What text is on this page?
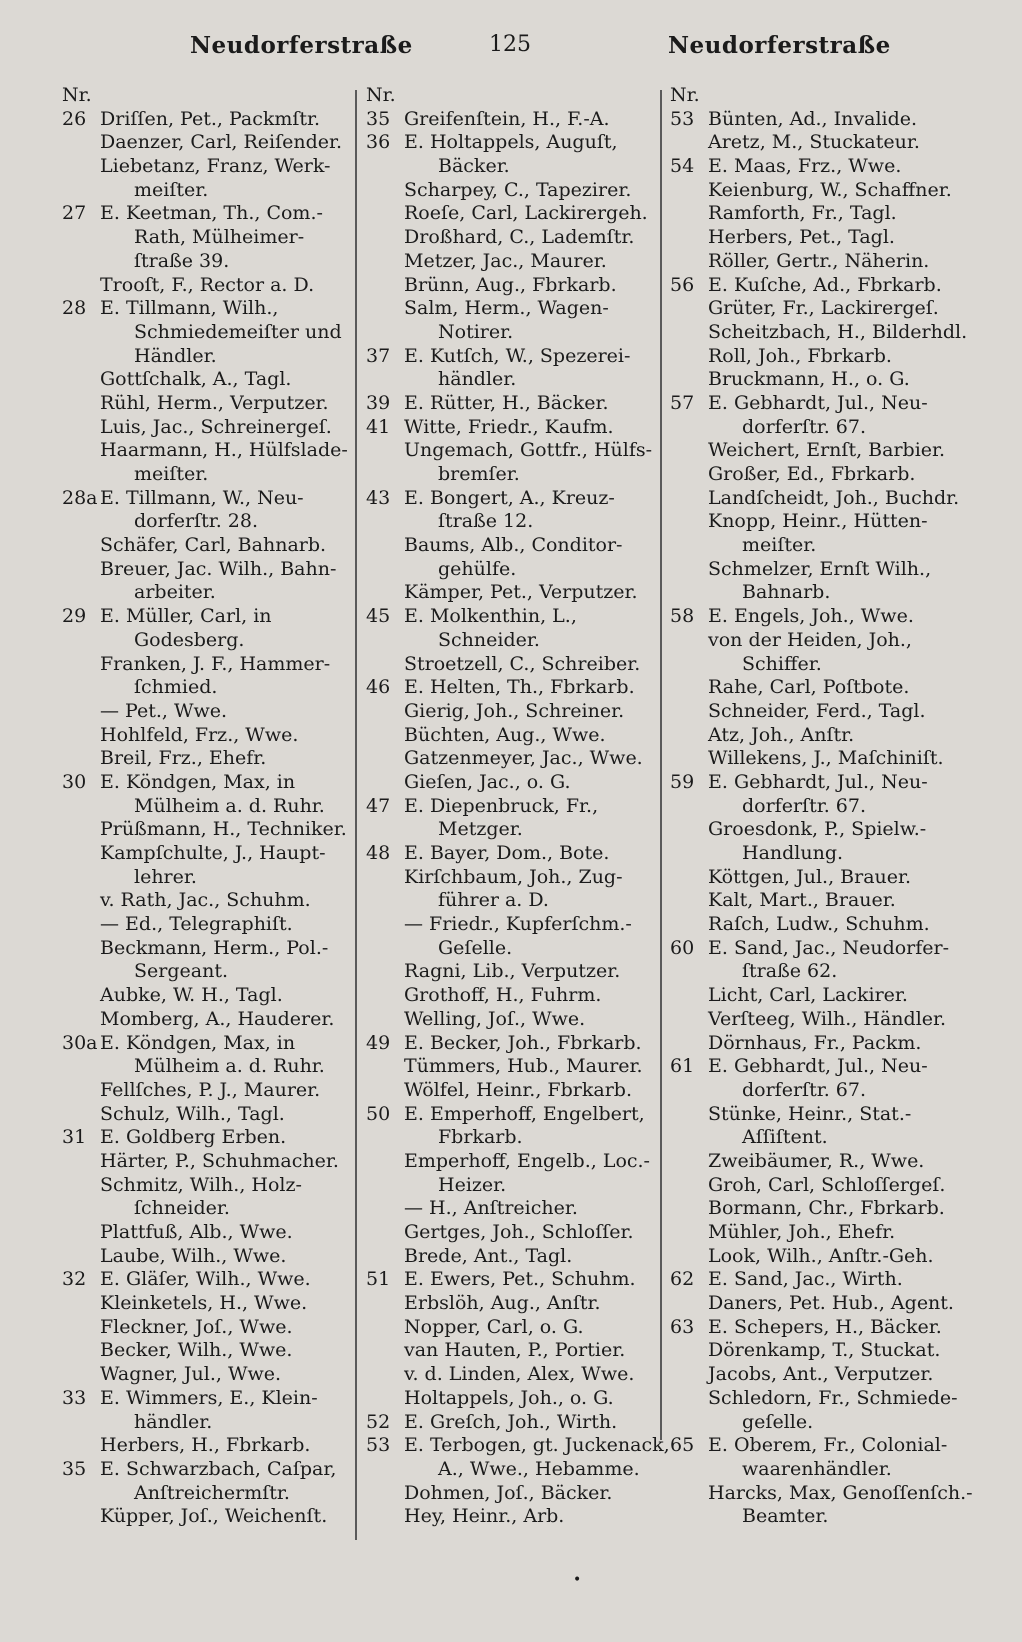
Neudorferstraße	125	Neudorferstraße
Nr.
26 Driſſen, Pet., Packmſtr.
Daenzer, Carl, Reiſender.
Liebetanz, Franz, Werk-
meiſter.
27 E. Keetman, Th., Com.-
Rath, Mülheimer-
ſtraße 39.
Trooſt, F., Rector a. D.
28 E. Tillmann, Wilh.,
Schmiedemeiſter und
Händler.
Gottſchalk, A., Tagl.
Rühl, Herm., Verputzer.
Luis, Jac., Schreinergeſ.
Haarmann, H., Hülfslade-
meiſter.
28a E. Tillmann, W., Neu-
dorferſtr. 28.
Schäfer, Carl, Bahnarb.
Breuer, Jac. Wilh., Bahn-
arbeiter.
29 E. Müller, Carl, in
Godesberg.
Franken, J. F., Hammer-
ſchmied.
— Pet., Wwe.
Hohlfeld, Frz., Wwe.
Breil, Frz., Ehefr.
30 E. Köndgen, Max, in
Mülheim a. d. Ruhr.
Prüßmann, H., Techniker.
Kampſchulte, J., Haupt-
lehrer.
v. Rath, Jac., Schuhm.
— Ed., Telegraphiſt.
Beckmann, Herm., Pol.-
Sergeant.
Aubke, W. H., Tagl.
Momberg, A., Hauderer.
30a E. Köndgen, Max, in
Mülheim a. d. Ruhr.
Fellſches, P. J., Maurer.
Schulz, Wilh., Tagl.
31 E. Goldberg Erben.
Härter, P., Schuhmacher.
Schmitz, Wilh., Holz-
ſchneider.
Plattfuß, Alb., Wwe.
Laube, Wilh., Wwe.
32 E. Gläſer, Wilh., Wwe.
Kleinketels, H., Wwe.
Fleckner, Joſ., Wwe.
Becker, Wilh., Wwe.
Wagner, Jul., Wwe.
33 E. Wimmers, E., Klein-
händler.
Herbers, H., Fbrkarb.
35 E. Schwarzbach, Caſpar,
Anſtreichermſtr.
Küpper, Joſ., Weichenſt.
Nr.
35 Greifenſtein, H., F.-A.
36 E. Holtappels, Auguſt,
Bäcker.
Scharpey, C., Tapezirer.
Roeſe, Carl, Lackirergeh.
Droßhard, C., Lademſtr.
Metzer, Jac., Maurer.
Brünn, Aug., Fbrkarb.
Salm, Herm., Wagen-
Notirer.
37 E. Kutſch, W., Spezerei-
händler.
39 E. Rütter, H., Bäcker.
41 Witte, Friedr., Kaufm.
Ungemach, Gottfr., Hülfs-
bremſer.
43 E. Bongert, A., Kreuz-
ſtraße 12.
Baums, Alb., Conditor-
gehülfe.
Kämper, Pet., Verputzer.
45 E. Molkenthin, L.,
Schneider.
Stroetzell, C., Schreiber.
46 E. Helten, Th., Fbrkarb.
Gierig, Joh., Schreiner.
Büchten, Aug., Wwe.
Gatzenmeyer, Jac., Wwe.
Gieſen, Jac., o. G.
47 E. Diepenbruck, Fr.,
Metzger.
48 E. Bayer, Dom., Bote.
Kirſchbaum, Joh., Zug-
führer a. D.
— Friedr., Kupferſchm.-
Geſelle.
Ragni, Lib., Verputzer.
Grothoff, H., Fuhrm.
Welling, Joſ., Wwe.
49 E. Becker, Joh., Fbrkarb.
Tümmers, Hub., Maurer.
Wölfel, Heinr., Fbrkarb.
50 E. Emperhoff, Engelbert,
Fbrkarb.
Emperhoff, Engelb., Loc.-
Heizer.
— H., Anſtreicher.
Gertges, Joh., Schloſſer.
Brede, Ant., Tagl.
51 E. Ewers, Pet., Schuhm.
Erbslöh, Aug., Anſtr.
Nopper, Carl, o. G.
van Hauten, P., Portier.
v. d. Linden, Alex, Wwe.
Holtappels, Joh., o. G.
52 E. Greſch, Joh., Wirth.
53 E. Terbogen, gt. Juckenack,
A., Wwe., Hebamme.
Dohmen, Joſ., Bäcker.
Hey, Heinr., Arb.
Nr.
53 Bünten, Ad., Invalide.
Aretz, M., Stuckateur.
54 E. Maas, Frz., Wwe.
Keienburg, W., Schaffner.
Ramforth, Fr., Tagl.
Herbers, Pet., Tagl.
Röller, Gertr., Näherin.
56 E. Kuſche, Ad., Fbrkarb.
Grüter, Fr., Lackirergeſ.
Scheitzbach, H., Bilderhdl.
Roll, Joh., Fbrkarb.
Bruckmann, H., o. G.
57 E. Gebhardt, Jul., Neu-
dorferſtr. 67.
Weichert, Ernſt, Barbier.
Großer, Ed., Fbrkarb.
Landſcheidt, Joh., Buchdr.
Knopp, Heinr., Hütten-
meiſter.
Schmelzer, Ernſt Wilh.,
Bahnarb.
58 E. Engels, Joh., Wwe.
von der Heiden, Joh.,
Schiffer.
Rahe, Carl, Poſtbote.
Schneider, Ferd., Tagl.
Atz, Joh., Anſtr.
Willekens, J., Maſchiniſt.
59 E. Gebhardt, Jul., Neu-
dorferſtr. 67.
Groesdonk, P., Spielw.-
Handlung.
Köttgen, Jul., Brauer.
Kalt, Mart., Brauer.
Raſch, Ludw., Schuhm.
60 E. Sand, Jac., Neudorfer-
ſtraße 62.
Licht, Carl, Lackirer.
Verſteeg, Wilh., Händler.
Dörnhaus, Fr., Packm.
61 E. Gebhardt, Jul., Neu-
dorferſtr. 67.
Stünke, Heinr., Stat.-
Aſſiſtent.
Zweibäumer, R., Wwe.
Groh, Carl, Schloſſergeſ.
Bormann, Chr., Fbrkarb.
Mühler, Joh., Ehefr.
Look, Wilh., Anſtr.-Geh.
62 E. Sand, Jac., Wirth.
Daners, Pet. Hub., Agent.
63 E. Schepers, H., Bäcker.
Dörenkamp, T., Stuckat.
Jacobs, Ant., Verputzer.
Schledorn, Fr., Schmiede-
geſelle.
65 E. Oberem, Fr., Colonial-
waarenhändler.
Harcks, Max, Genoſſenſch.-
Beamter.
•
